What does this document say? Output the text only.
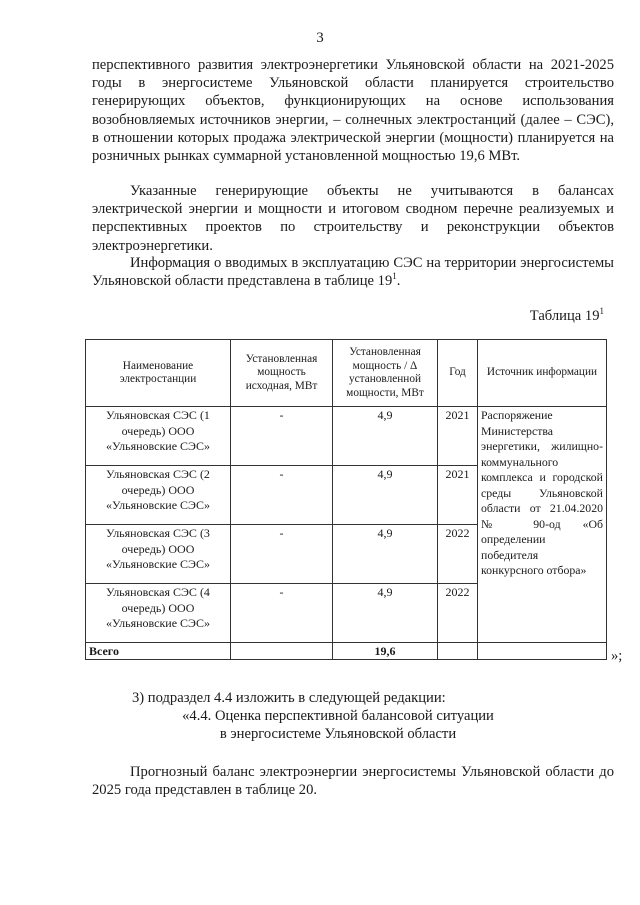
3

перспективного развития электроэнергетики Ульяновской области на 2021-2025 годы в энергосистеме Ульяновской области планируется строительство генерирующих объектов, функционирующих на основе использования возобновляемых источников энергии, – солнечных электростанций (далее – СЭС), в отношении которых продажа электрической энергии (мощности) планируется на розничных рынках суммарной установленной мощностью 19,6 МВт.

Указанные генерирующие объекты не учитываются в балансах электрической энергии и мощности и итоговом сводном перечне реализуемых и перспективных проектов по строительству и реконструкции объектов электроэнергетики.

Информация о вводимых в эксплуатацию СЭС на территории энергосистемы Ульяновской области представлена в таблице $19^1$.

Таблица $19^1$
Наименование электростанции	Установленная мощность исходная, МВт	Установленная мощность / Δ установленной мощности, МВт	Год	Источник информации
Ульяновская СЭС (1 очередь) ООО «Ульяновские СЭС»	-	4,9	2021	Распоряжение Министерства энергетики, жилищно-коммунального комплекса и городской среды Ульяновской области от 21.04.2020 № 90-од «Об определении победителя конкурсного отбора»
Ульяновская СЭС (2 очередь) ООО «Ульяновские СЭС»	-	4,9	2021	
Ульяновская СЭС (3 очередь) ООО «Ульяновские СЭС»	-	4,9	2022	
Ульяновская СЭС (4 очередь) ООО «Ульяновские СЭС»	-	4,9	2022	
Всего		19,6			»;

3) подраздел 4.4 изложить в следующей редакции:

«4.4. Оценка перспективной балансовой ситуации

в энергосистеме Ульяновской области

Прогнозный баланс электроэнергии энергосистемы Ульяновской области до 2025 года представлен в таблице 20.
